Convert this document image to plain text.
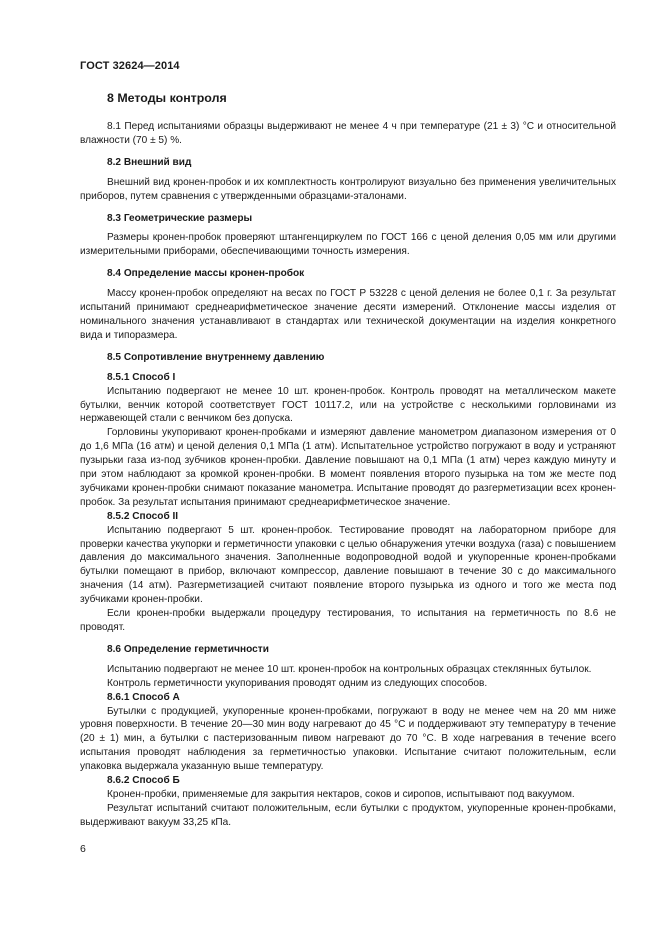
ГОСТ 32624—2014
8 Методы контроля

8.1 Перед испытаниями образцы выдерживают не менее 4 ч при температуре (21 ± 3) °С и относительной влажности (70 ± 5) %.

8.2 Внешний вид

Внешний вид кронен-пробок и их комплектность контролируют визуально без применения увеличительных приборов, путем сравнения с утвержденными образцами-эталонами.

8.3 Геометрические размеры

Размеры кронен-пробок проверяют штангенциркулем по ГОСТ 166 с ценой деления 0,05 мм или другими измерительными приборами, обеспечивающими точность измерения.

8.4 Определение массы кронен-пробок

Массу кронен-пробок определяют на весах по ГОСТ Р 53228 с ценой деления не более 0,1 г. За результат испытаний принимают среднеарифметическое значение десяти измерений. Отклонение массы изделия от номинального значения устанавливают в стандартах или технической документации на изделия конкретного вида и типоразмера.

8.5 Сопротивление внутреннему давлению
8.5.1 Способ I

Испытанию подвергают не менее 10 шт. кронен-пробок. Контроль проводят на металлическом макете бутылки, венчик которой соответствует ГОСТ 10117.2, или на устройстве с несколькими горловинами из нержавеющей стали с венчиком без допуска.

Горловины укупоривают кронен-пробками и измеряют давление манометром диапазоном измерения от 0 до 1,6 МПа (16 атм) и ценой деления 0,1 МПа (1 атм). Испытательное устройство погружают в воду и устраняют пузырьки газа из-под зубчиков кронен-пробки. Давление повышают на 0,1 МПа (1 атм) через каждую минуту и при этом наблюдают за кромкой кронен-пробки. В момент появления второго пузырька на том же месте под зубчиками кронен-пробки снимают показание манометра. Испытание проводят до разгерметизации всех кронен-пробок. За результат испытания принимают среднеарифметическое значение.

8.5.2 Способ II

Испытанию подвергают 5 шт. кронен-пробок. Тестирование проводят на лабораторном приборе для проверки качества укупорки и герметичности упаковки с целью обнаружения утечки воздуха (газа) с повышением давления до максимального значения. Заполненные водопроводной водой и укупоренные кронен-пробками бутылки помещают в прибор, включают компрессор, давление повышают в течение 30 с до максимального значения (14 атм). Разгерметизацией считают появление второго пузырька из одного и того же места под зубчиками кронен-пробки.

Если кронен-пробки выдержали процедуру тестирования, то испытания на герметичность по 8.6 не проводят.

8.6 Определение герметичности

Испытанию подвергают не менее 10 шт. кронен-пробок на контрольных образцах стеклянных бутылок.

Контроль герметичности укупоривания проводят одним из следующих способов.

8.6.1 Способ А

Бутылки с продукцией, укупоренные кронен-пробками, погружают в воду не менее чем на 20 мм ниже уровня поверхности. В течение 20—30 мин воду нагревают до 45 °С и поддерживают эту температуру в течение (20 ± 1) мин, а бутылки с пастеризованным пивом нагревают до 70 °С. В ходе нагревания в течение всего испытания проводят наблюдения за герметичностью упаковки. Испытание считают положительным, если упаковка выдержала указанную выше температуру.

8.6.2 Способ Б

Кронен-пробки, применяемые для закрытия нектаров, соков и сиропов, испытывают под вакуумом.

Результат испытаний считают положительным, если бутылки с продуктом, укупоренные кронен-пробками, выдерживают вакуум 33,25 кПа.

6
